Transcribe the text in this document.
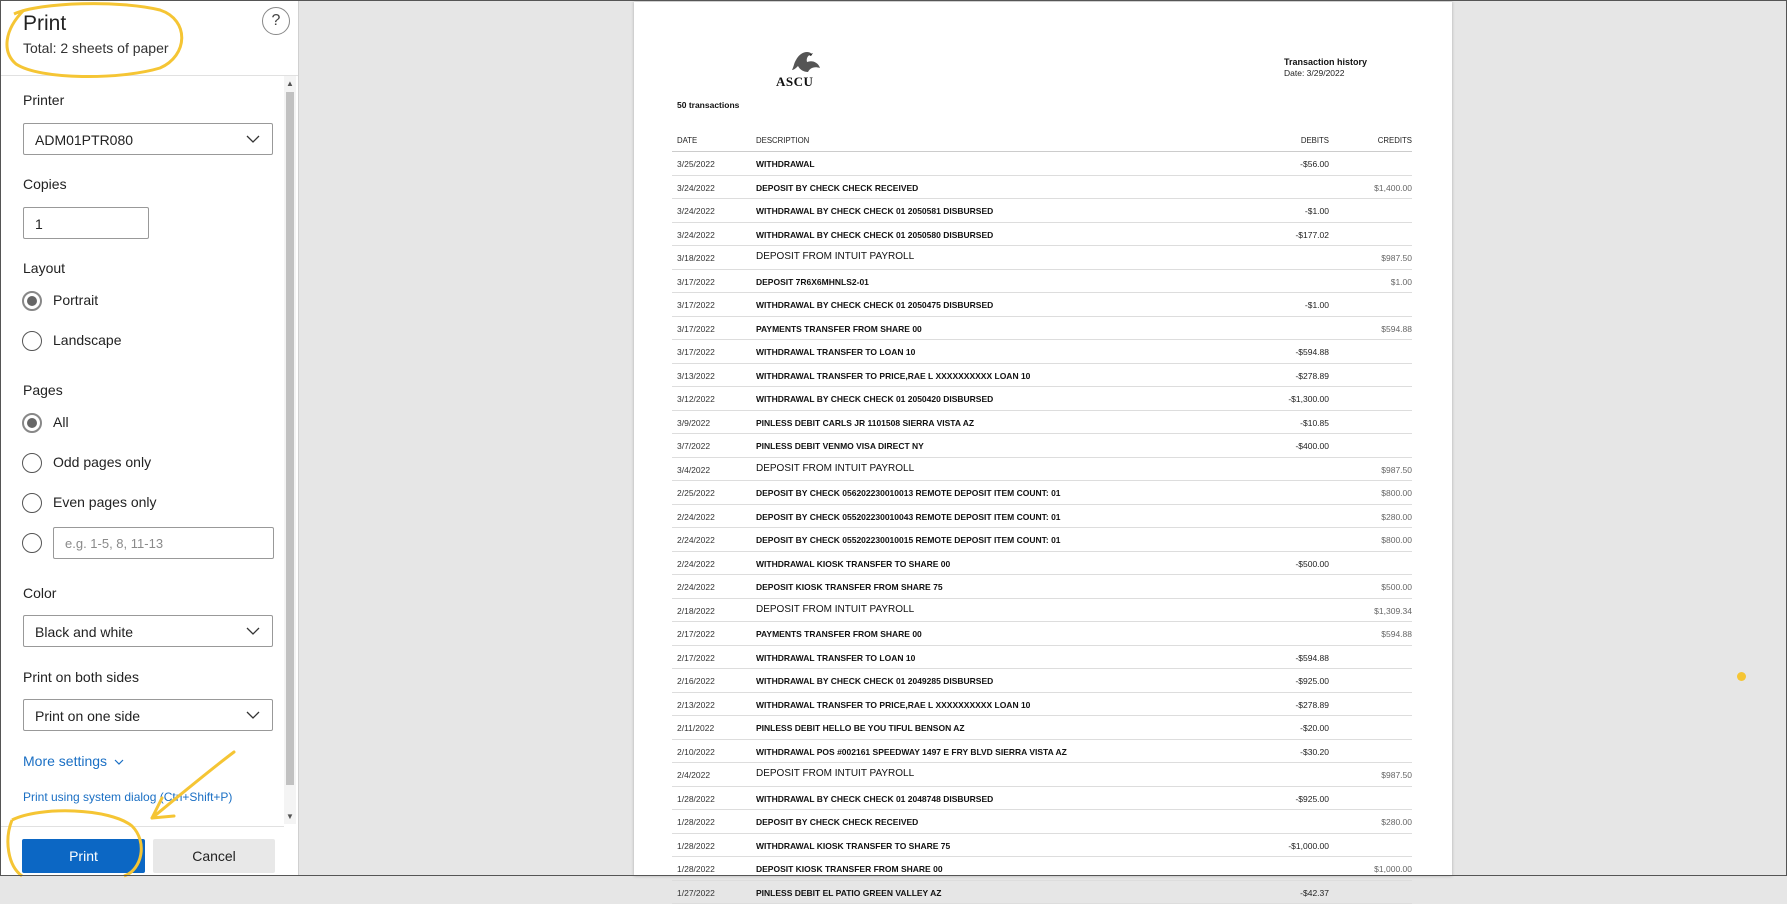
Print
Total: 2 sheets of paper
?
Printer
ADM01PTR080
Copies
1
Layout
Portrait
Landscape
Pages
All
Odd pages only
Even pages only
e.g. 1-5, 8, 11-13
Color
Black and white
Print on both sides
Print on one side
More settings
Print using system dialog (Ctrl+Shift+P)
▲
▼
Print	Cancel
ASCU
Transaction history
Date: 3/29/2022
50 transactions
DATE	DESCRIPTION	DEBITS	CREDITS
3/25/2022	WITHDRAWAL	-$56.00
3/24/2022	DEPOSIT BY CHECK CHECK RECEIVED	$1,400.00
3/24/2022	WITHDRAWAL BY CHECK CHECK 01 2050581 DISBURSED	-$1.00
3/24/2022	WITHDRAWAL BY CHECK CHECK 01 2050580 DISBURSED	-$177.02
3/18/2022	DEPOSIT FROM INTUIT PAYROLL	$987.50
3/17/2022	DEPOSIT 7R6X6MHNLS2-01	$1.00
3/17/2022	WITHDRAWAL BY CHECK CHECK 01 2050475 DISBURSED	-$1.00
3/17/2022	PAYMENTS TRANSFER FROM SHARE 00	$594.88
3/17/2022	WITHDRAWAL TRANSFER TO LOAN 10	-$594.88
3/13/2022	WITHDRAWAL TRANSFER TO PRICE,RAE L XXXXXXXXXX LOAN 10	-$278.89
3/12/2022	WITHDRAWAL BY CHECK CHECK 01 2050420 DISBURSED	-$1,300.00
3/9/2022	PINLESS DEBIT CARLS JR 1101508 SIERRA VISTA AZ	-$10.85
3/7/2022	PINLESS DEBIT VENMO VISA DIRECT NY	-$400.00
3/4/2022	DEPOSIT FROM INTUIT PAYROLL	$987.50
2/25/2022	DEPOSIT BY CHECK 056202230010013 REMOTE DEPOSIT ITEM COUNT: 01	$800.00
2/24/2022	DEPOSIT BY CHECK 055202230010043 REMOTE DEPOSIT ITEM COUNT: 01	$280.00
2/24/2022	DEPOSIT BY CHECK 055202230010015 REMOTE DEPOSIT ITEM COUNT: 01	$800.00
2/24/2022	WITHDRAWAL KIOSK TRANSFER TO SHARE 00	-$500.00
2/24/2022	DEPOSIT KIOSK TRANSFER FROM SHARE 75	$500.00
2/18/2022	DEPOSIT FROM INTUIT PAYROLL	$1,309.34
2/17/2022	PAYMENTS TRANSFER FROM SHARE 00	$594.88
2/17/2022	WITHDRAWAL TRANSFER TO LOAN 10	-$594.88
2/16/2022	WITHDRAWAL BY CHECK CHECK 01 2049285 DISBURSED	-$925.00
2/13/2022	WITHDRAWAL TRANSFER TO PRICE,RAE L XXXXXXXXXX LOAN 10	-$278.89
2/11/2022	PINLESS DEBIT HELLO BE YOU TIFUL BENSON AZ	-$20.00
2/10/2022	WITHDRAWAL POS #002161 SPEEDWAY 1497 E FRY BLVD SIERRA VISTA AZ	-$30.20
2/4/2022	DEPOSIT FROM INTUIT PAYROLL	$987.50
1/28/2022	WITHDRAWAL BY CHECK CHECK 01 2048748 DISBURSED	-$925.00
1/28/2022	DEPOSIT BY CHECK CHECK RECEIVED	$280.00
1/28/2022	WITHDRAWAL KIOSK TRANSFER TO SHARE 75	-$1,000.00
1/28/2022	DEPOSIT KIOSK TRANSFER FROM SHARE 00	$1,000.00
1/27/2022	PINLESS DEBIT EL PATIO GREEN VALLEY AZ	-$42.37
